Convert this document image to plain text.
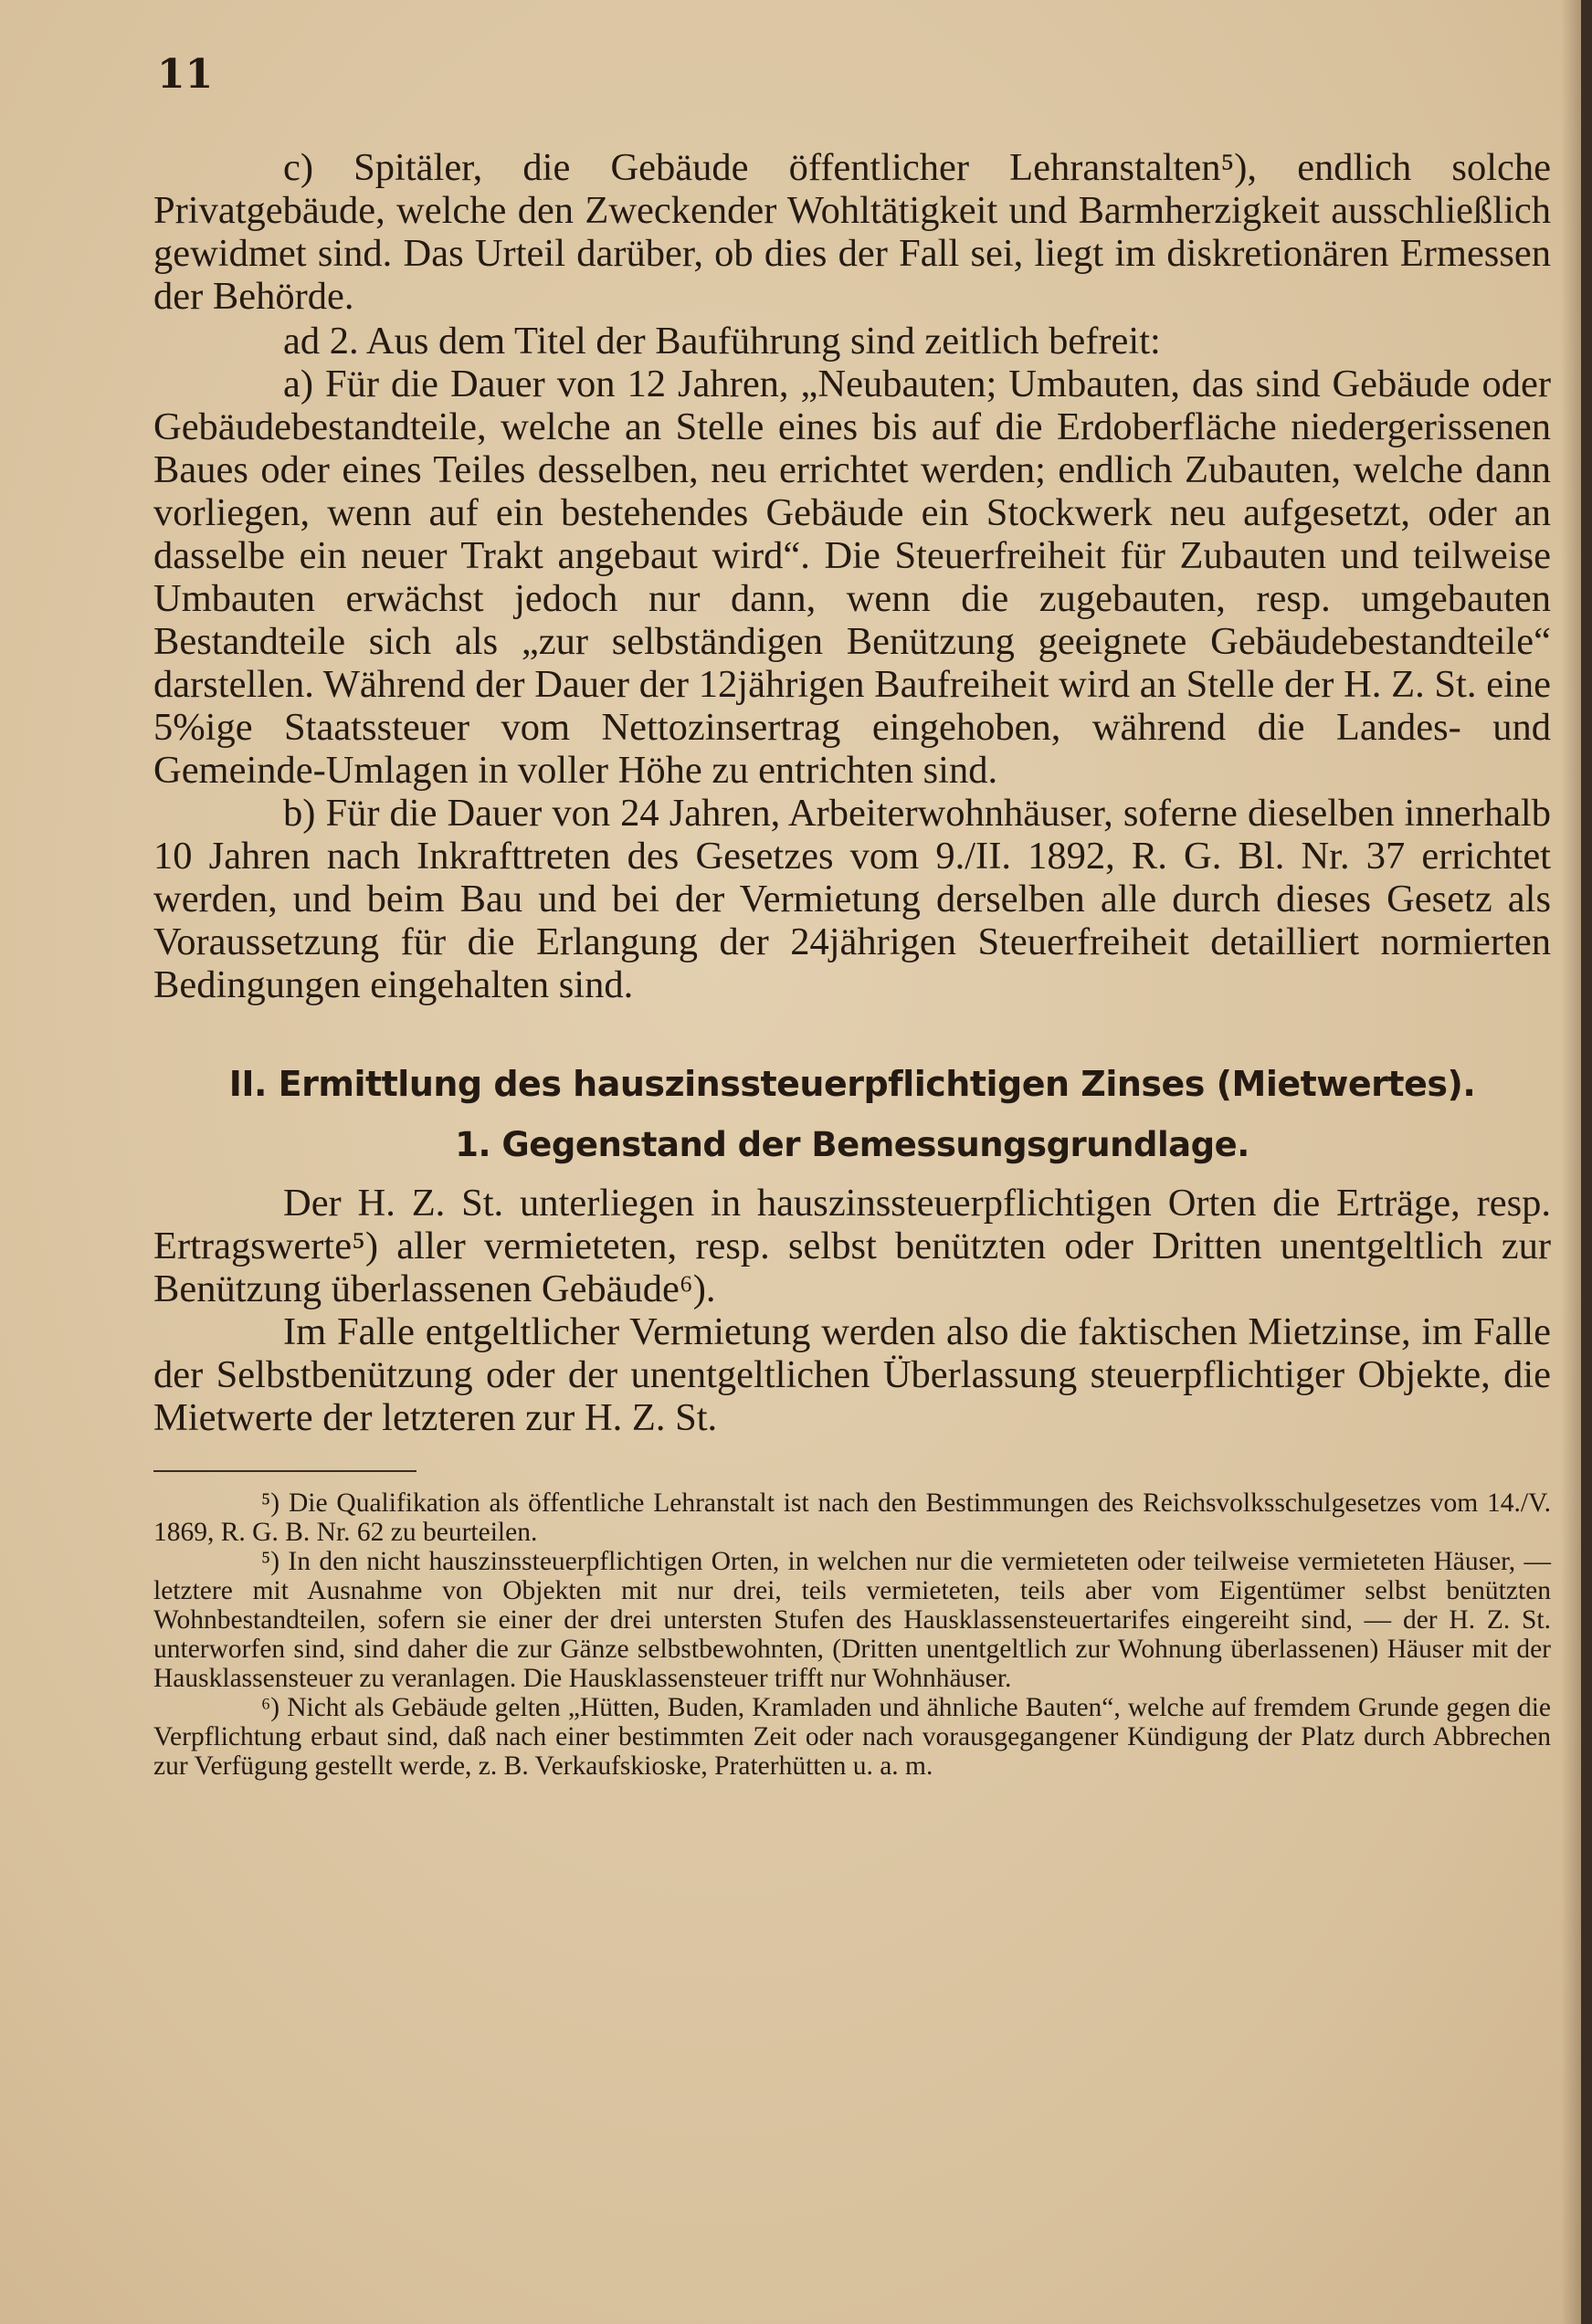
11

c) Spitäler, die Gebäude öffentlicher Lehranstalten⁵), endlich solche Privatgebäude, welche den Zweckender Wohltätigkeit und Barmherzigkeit ausschließlich gewidmet sind. Das Urteil darüber, ob dies der Fall sei, liegt im diskretionären Ermessen der Behörde.

ad 2. Aus dem Titel der Bauführung sind zeitlich befreit:

a) Für die Dauer von 12 Jahren, „Neubauten; Umbauten, das sind Gebäude oder Gebäudebestandteile, welche an Stelle eines bis auf die Erdoberfläche niedergerissenen Baues oder eines Teiles desselben, neu errichtet werden; endlich Zubauten, welche dann vorliegen, wenn auf ein bestehendes Gebäude ein Stockwerk neu aufgesetzt, oder an dasselbe ein neuer Trakt angebaut wird“. Die Steuerfreiheit für Zubauten und teilweise Umbauten erwächst jedoch nur dann, wenn die zugebauten, resp. umgebauten Bestandteile sich als „zur selbständigen Benützung geeignete Gebäudebestandteile“ darstellen. Während der Dauer der 12jährigen Baufreiheit wird an Stelle der H. Z. St. eine 5%ige Staatssteuer vom Nettozinsertrag eingehoben, während die Landes- und Gemeinde-Umlagen in voller Höhe zu entrichten sind.

b) Für die Dauer von 24 Jahren, Arbeiterwohnhäuser, soferne dieselben innerhalb 10 Jahren nach Inkrafttreten des Gesetzes vom 9./II. 1892, R. G. Bl. Nr. 37 errichtet werden, und beim Bau und bei der Vermietung derselben alle durch dieses Gesetz als Voraussetzung für die Erlangung der 24jährigen Steuerfreiheit detailliert normierten Bedingungen eingehalten sind.

II. Ermittlung des hauszinssteuerpflichtigen Zinses (Mietwertes).
1. Gegenstand der Bemessungsgrundlage.

Der H. Z. St. unterliegen in hauszinssteuerpflichtigen Orten die Erträge, resp. Ertragswerte⁵) aller vermieteten, resp. selbst benützten oder Dritten unentgeltlich zur Benützung überlassenen Gebäude⁶).

Im Falle entgeltlicher Vermietung werden also die faktischen Mietzinse, im Falle der Selbstbenützung oder der unentgeltlichen Überlassung steuerpflichtiger Objekte, die Mietwerte der letzteren zur H. Z. St.

⁵) Die Qualifikation als öffentliche Lehranstalt ist nach den Bestimmungen des Reichsvolksschulgesetzes vom 14./V. 1869, R. G. B. Nr. 62 zu beurteilen.

⁵) In den nicht hauszinssteuerpflichtigen Orten, in welchen nur die vermieteten oder teilweise vermieteten Häuser, — letztere mit Ausnahme von Objekten mit nur drei, teils vermieteten, teils aber vom Eigentümer selbst benützten Wohnbestandteilen, sofern sie einer der drei untersten Stufen des Hausklassensteuertarifes eingereiht sind, — der H. Z. St. unterworfen sind, sind daher die zur Gänze selbstbewohnten, (Dritten unentgeltlich zur Wohnung überlassenen) Häuser mit der Hausklassensteuer zu veranlagen. Die Hausklassensteuer trifft nur Wohnhäuser.

⁶) Nicht als Gebäude gelten „Hütten, Buden, Kramladen und ähnliche Bauten“, welche auf fremdem Grunde gegen die Verpflichtung erbaut sind, daß nach einer bestimmten Zeit oder nach vorausgegangener Kündigung der Platz durch Abbrechen zur Verfügung gestellt werde, z. B. Verkaufskioske, Praterhütten u. a. m.
